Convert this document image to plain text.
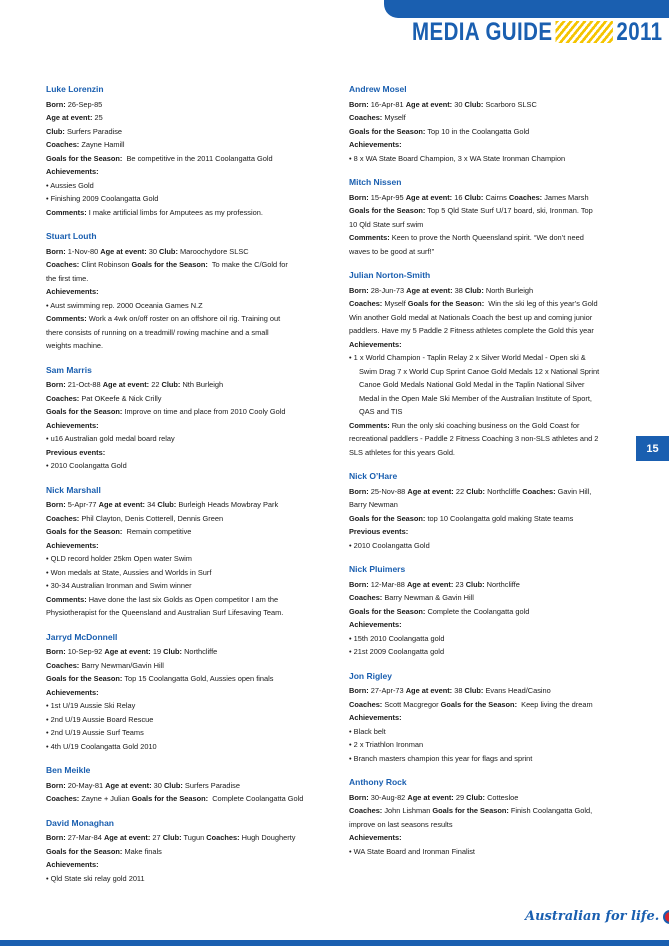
MEDIA GUIDE	2011
Luke Lorenzin
Born: 26-Sep-85
Age at event: 25
Club: Surfers Paradise
Coaches: Zayne Hamill
Goals for the Season: Be competitive in the 2011 Coolangatta Gold
Achievements:
• Aussies Gold
• Finishing 2009 Coolangatta Gold
Comments: I make artificial limbs for Amputees as my profession.
Stuart Louth
Born: 1-Nov-80 Age at event: 30 Club: Maroochydore SLSC
Coaches: Clint Robinson Goals for the Season: To make the C/Gold for
the first time.
Achievements:
• Aust swimming rep. 2000 Oceania Games N.Z
Comments: Work a 4wk on/off roster on an offshore oil rig. Training out
there consists of running on a treadmill/ rowing machine and a small
weights machine.
Sam Marris
Born: 21-Oct-88 Age at event: 22 Club: Nth Burleigh
Coaches: Pat OKeefe & Nick Crilly
Goals for the Season: Improve on time and place from 2010 Cooly Gold
Achievements:
• u16 Australian gold medal board relay
Previous events:
• 2010 Coolangatta Gold
Nick Marshall
Born: 5-Apr-77 Age at event: 34 Club: Burleigh Heads Mowbray Park
Coaches: Phil Clayton, Denis Cotterell, Dennis Green
Goals for the Season: Remain competitive
Achievements:
• QLD record holder 25km Open water Swim
• Won medals at State, Aussies and Worlds in Surf
• 30-34 Australian Ironman and Swim winner
Comments: Have done the last six Golds as Open competitor I am the
Physiotherapist for the Queensland and Australian Surf Lifesaving Team.
Jarryd McDonnell
Born: 10-Sep-92 Age at event: 19 Club: Northcliffe
Coaches: Barry Newman/Gavin Hill
Goals for the Season: Top 15 Coolangatta Gold, Aussies open finals
Achievements:
• 1st U/19 Aussie Ski Relay
• 2nd U/19 Aussie Board Rescue
• 2nd U/19 Aussie Surf Teams
• 4th U/19 Coolangatta Gold 2010
Ben Meikle
Born: 20-May-81 Age at event: 30 Club: Surfers Paradise
Coaches: Zayne + Julian Goals for the Season: Complete Coolangatta Gold
David Monaghan
Born: 27-Mar-84 Age at event: 27 Club: Tugun Coaches: Hugh Dougherty
Goals for the Season: Make finals
Achievements:
• Qld State ski relay gold 2011
Andrew Mosel
Born: 16-Apr-81 Age at event: 30 Club: Scarboro SLSC
Coaches: Myself
Goals for the Season: Top 10 in the Coolangatta Gold
Achievements:
• 8 x WA State Board Champion, 3 x WA State Ironman Champion
Mitch Nissen
Born: 15-Apr-95 Age at event: 16 Club: Cairns Coaches: James Marsh
Goals for the Season: Top 5 Qld State Surf U/17 board, ski, Ironman. Top
10 Qld State surf swim
Comments: Keen to prove the North Queensland spirit. “We don’t need
waves to be good at surf!”
Julian Norton-Smith
Born: 28-Jun-73 Age at event: 38 Club: North Burleigh
Coaches: Myself Goals for the Season: Win the ski leg of this year’s Gold
Win another Gold medal at Nationals Coach the best up and coming junior
paddlers. Have my 5 Paddle 2 Fitness athletes complete the Gold this year
Achievements:
• 1 x World Champion - Taplin Relay 2 x Silver World Medal - Open ski &
Swim Drag 7 x World Cup Sprint Canoe Gold Medals 12 x National Sprint
Canoe Gold Medals National Gold Medal in the Taplin National Silver
Medal in the Open Male Ski Member of the Australian Institute of Sport,
QAS and TIS
Comments: Run the only ski coaching business on the Gold Coast for
recreational paddlers - Paddle 2 Fitness Coaching 3 non-SLS athletes and 2
SLS athletes for this years Gold.
Nick O’Hare
Born: 25-Nov-88 Age at event: 22 Club: Northcliffe Coaches: Gavin Hill,
Barry Newman
Goals for the Season: top 10 Coolangatta gold making State teams
Previous events:
• 2010 Coolangatta Gold
Nick Pluimers
Born: 12-Mar-88 Age at event: 23 Club: Northcliffe
Coaches: Barry Newman & Gavin Hill
Goals for the Season: Complete the Coolangatta gold
Achievements:
• 15th 2010 Coolangatta gold
• 21st 2009 Coolangatta gold
Jon Rigley
Born: 27-Apr-73 Age at event: 38 Club: Evans Head/Casino
Coaches: Scott Macgregor Goals for the Season: Keep living the dream
Achievements:
• Black belt
• 2 x Triathlon Ironman
• Branch masters champion this year for flags and sprint
Anthony Rock
Born: 30-Aug-82 Age at event: 29 Club: Cottesloe
Coaches: John Lishman Goals for the Season: Finish Coolangatta Gold,
improve on last seasons results
Achievements:
• WA State Board and Ironman Finalist
15
Australian for life.
